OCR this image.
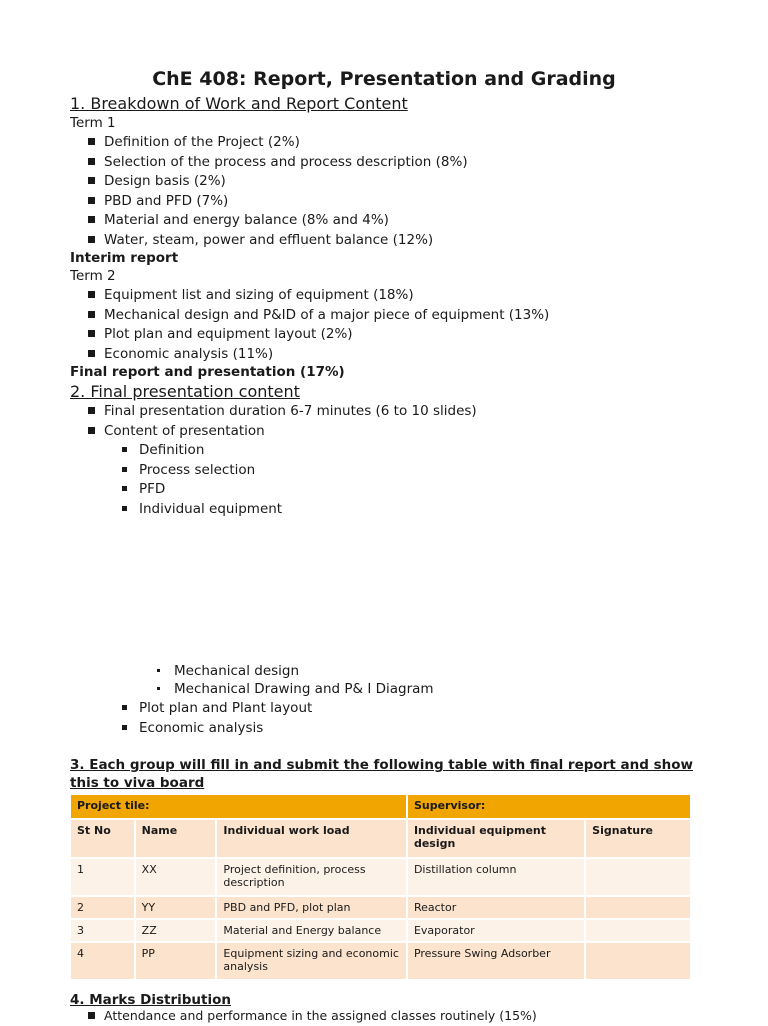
ChE 408: Report, Presentation and Grading
1. Breakdown of Work and Report Content
Term 1
Definition of the Project (2%)
Selection of the process and process description (8%)
Design basis (2%)
PBD and PFD (7%)
Material and energy balance (8% and 4%)
Water, steam, power and effluent balance (12%)
Interim report
Term 2
Equipment list and sizing of equipment (18%)
Mechanical design and P&ID of a major piece of equipment (13%)
Plot plan and equipment layout (2%)
Economic analysis (11%)
Final report and presentation (17%)
2. Final presentation content
Final presentation duration 6-7 minutes (6 to 10 slides)
Content of presentation
Definition
Process selection
PFD
Individual equipment
Mechanical design
Mechanical Drawing and P& I Diagram
Plot plan and Plant layout
Economic analysis
3. Each group will fill in and submit the following table with final report and show this to viva board
Project tile:			Supervisor:	
St No	Name	Individual work load	Individual equipment design	Signature
1	XX	Project definition, process description	Distillation column	
2	YY	PBD and PFD, plot plan	Reactor	
3	ZZ	Material and Energy balance	Evaporator	
4	PP	Equipment sizing and economic analysis	Pressure Swing Adsorber	
4. Marks Distribution
Attendance and performance in the assigned classes routinely (15%)
